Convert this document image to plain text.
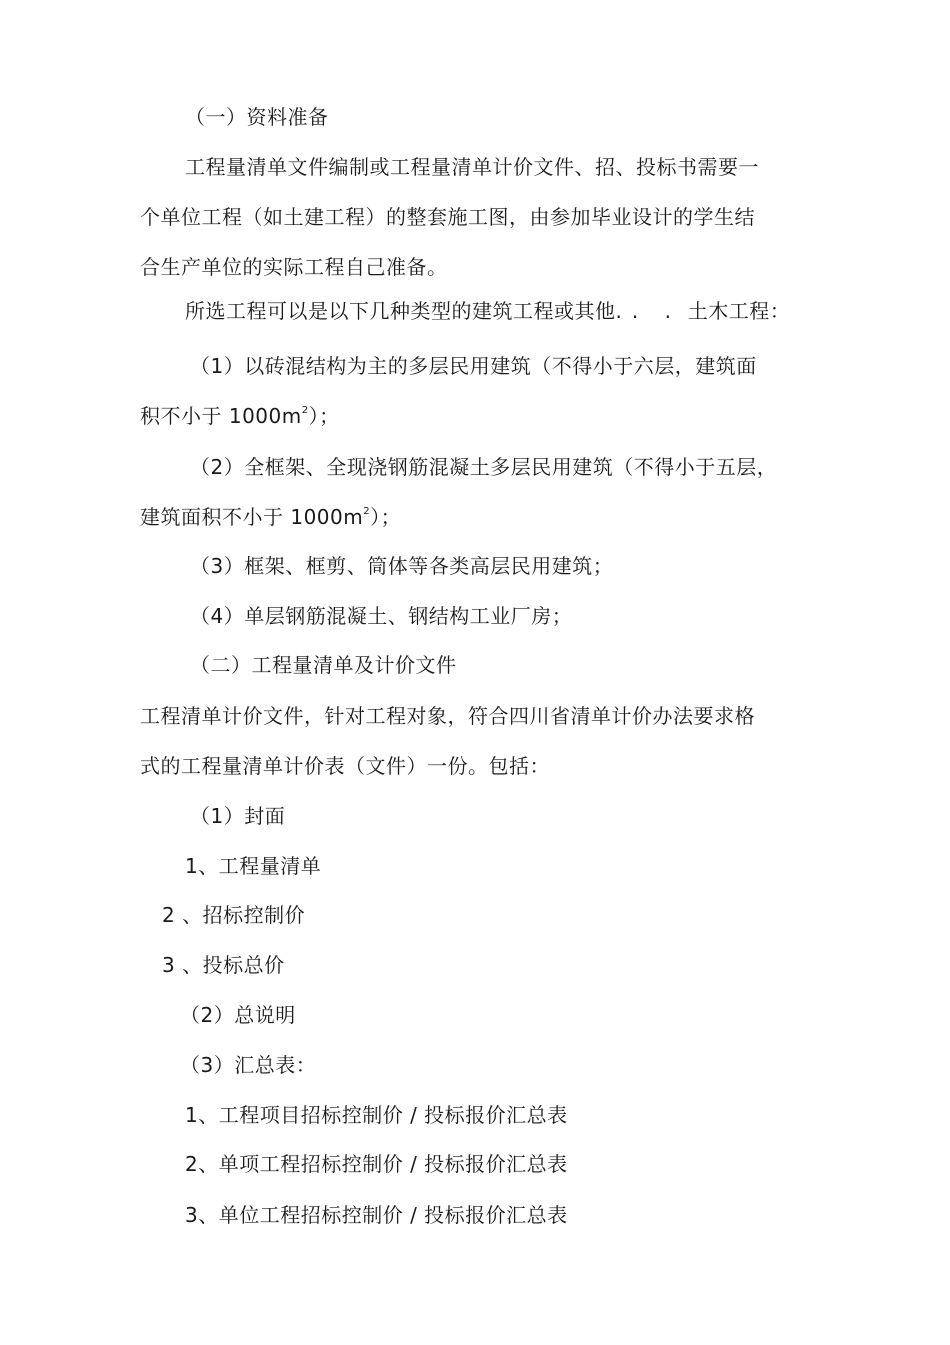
（一）资料准备

工程量清单文件编制或工程量清单计价文件、招、投标书需要一

个单位工程（如土建工程）的整套施工图，由参加毕业设计的学生结

合生产单位的实际工程自己准备。

所选工程可以是以下几种类型的建筑工程或其他·· · 土木工程：

（1）以砖混结构为主的多层民用建筑（不得小于六层，建筑面

积不小于 $1000m^2$）；

（2）全框架、全现浇钢筋混凝土多层民用建筑（不得小于五层，

建筑面积不小于 $1000m^2$）；

（3）框架、框剪、筒体等各类高层民用建筑；

（4）单层钢筋混凝土、钢结构工业厂房；

（二）工程量清单及计价文件

工程清单计价文件，针对工程对象，符合四川省清单计价办法要求格

式的工程量清单计价表（文件）一份。包括：

（1）封面

1、工程量清单

2 、招标控制价

3 、投标总价

（2）总说明

（3）汇总表：

1、工程项目招标控制价 / 投标报价汇总表

2、单项工程招标控制价 / 投标报价汇总表

3、单位工程招标控制价 / 投标报价汇总表
